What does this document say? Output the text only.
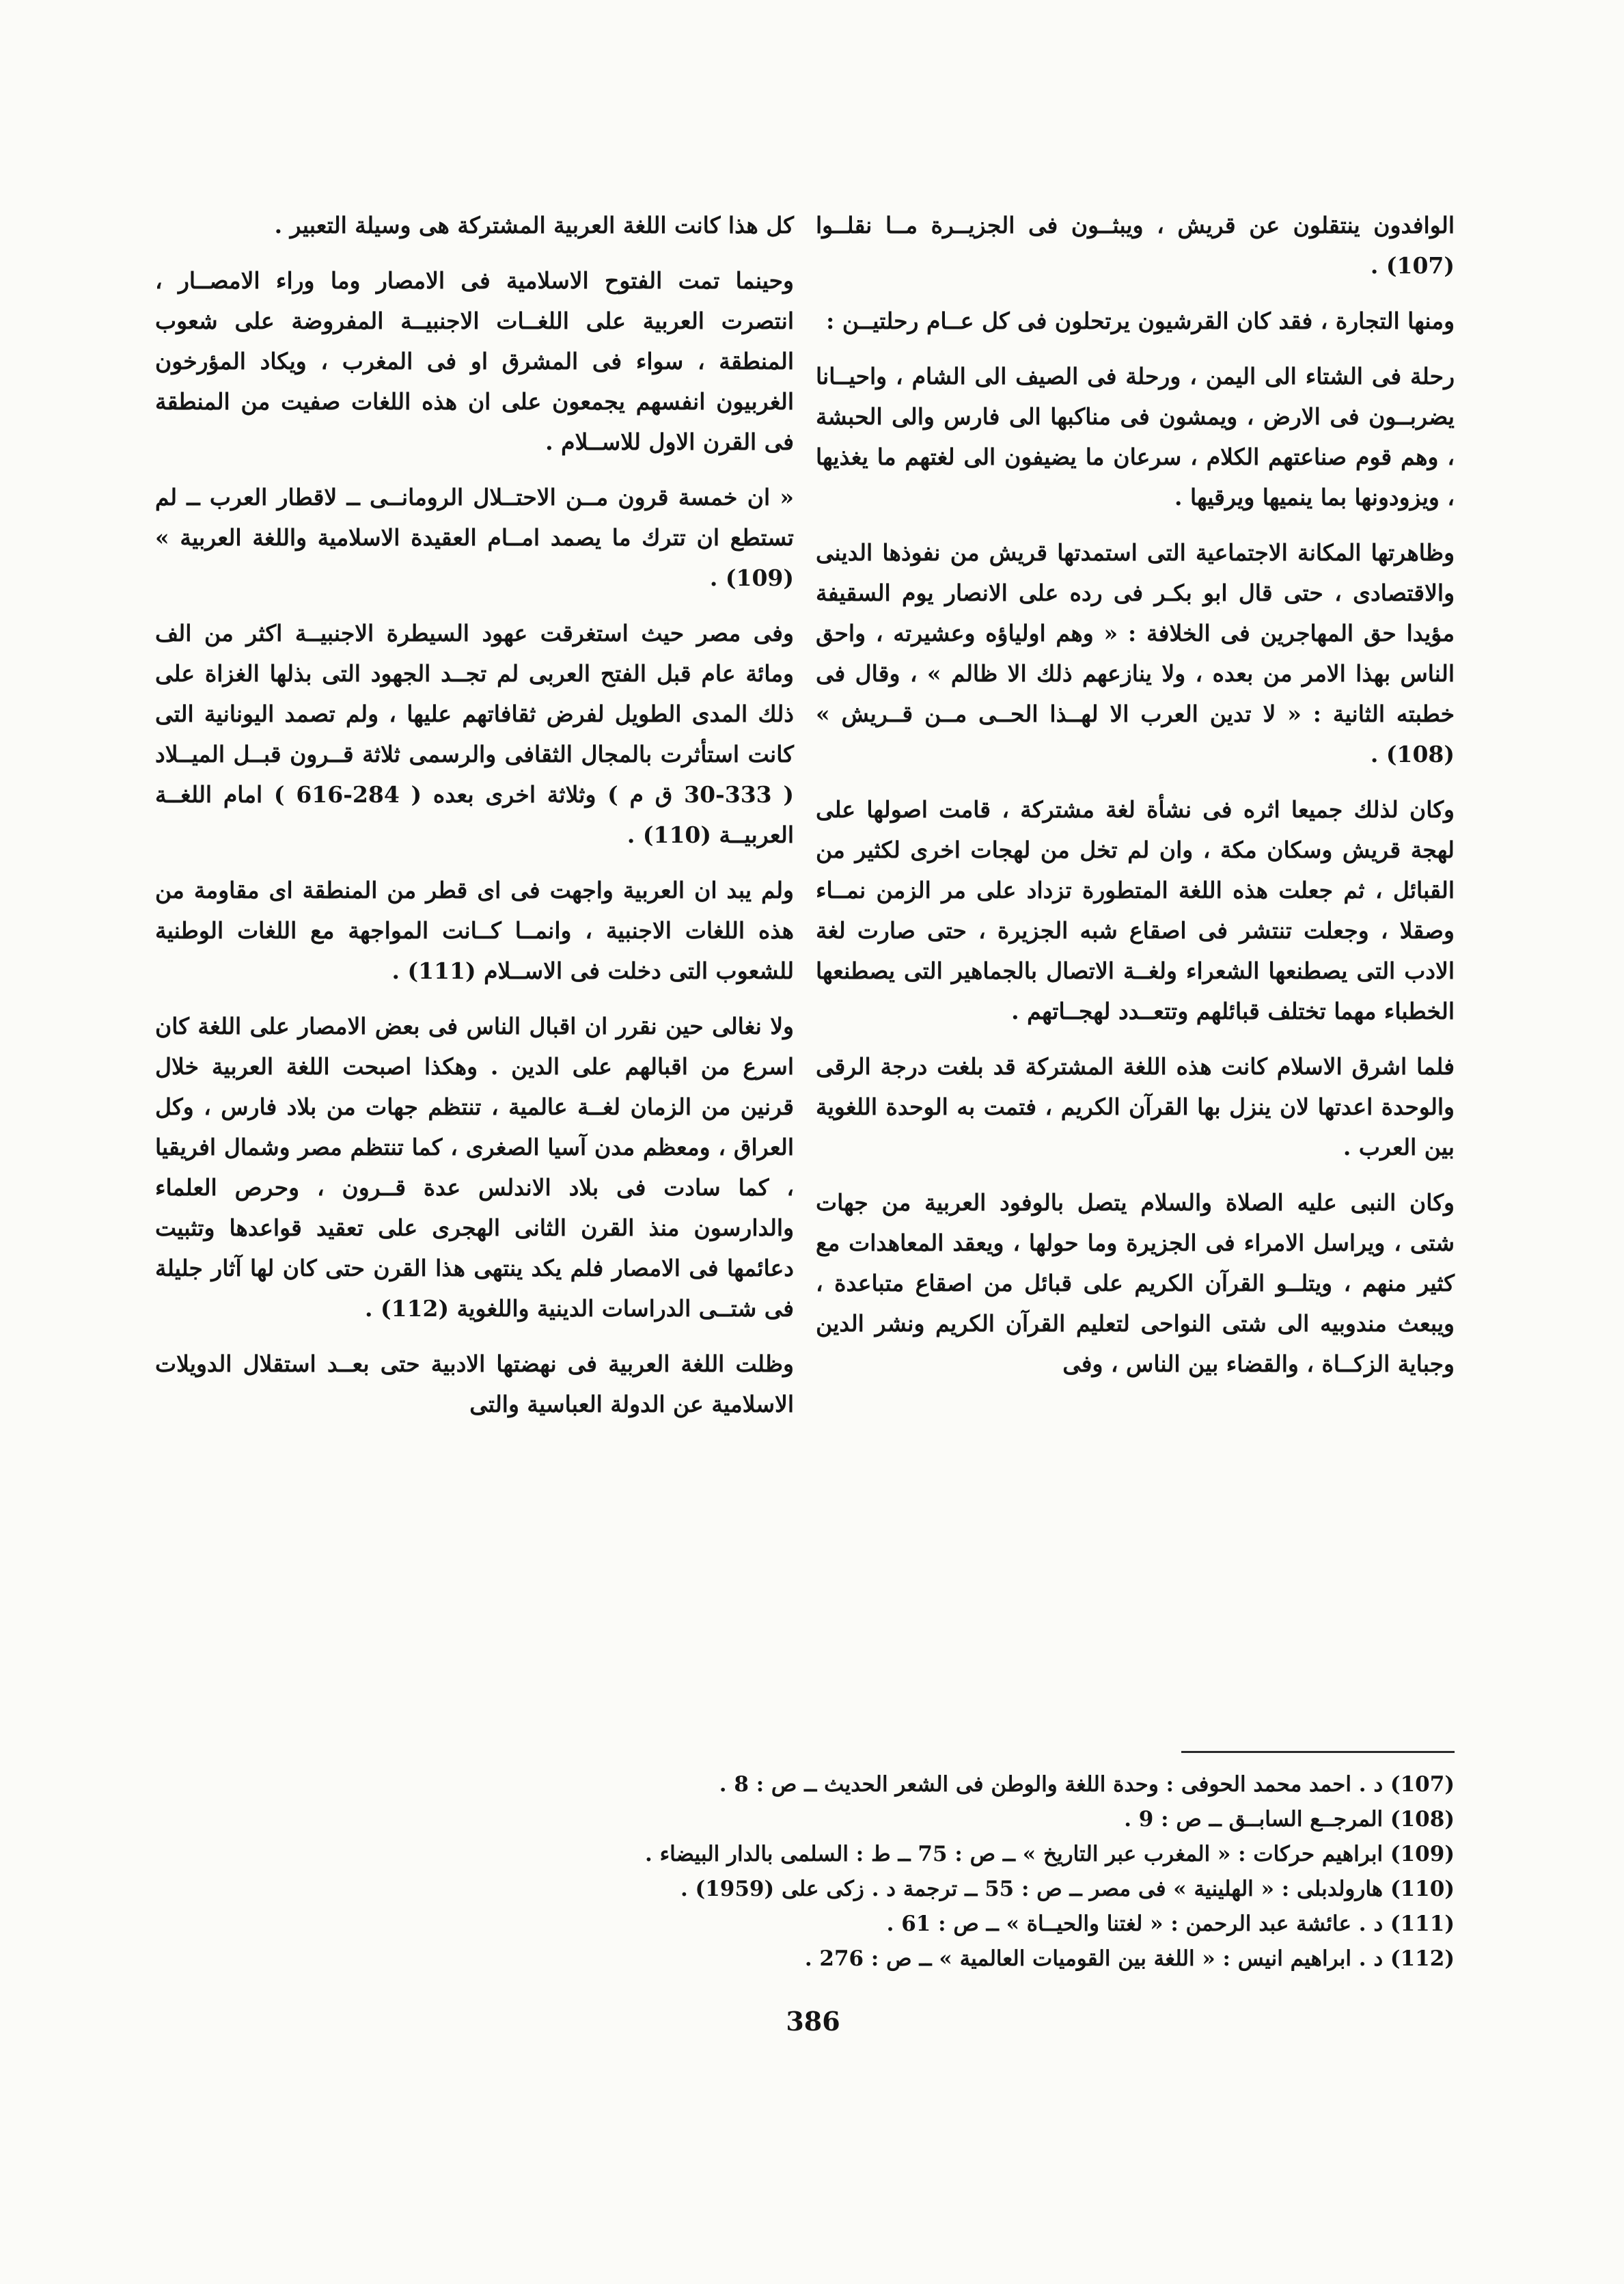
الوافدون ينتقلون عن قريش ، ويبثــون فى الجزيــرة مــا نقلــوا (107) .

ومنها التجارة ، فقد كان القرشيون يرتحلون فى كل عــام رحلتيــن :

رحلة فى الشتاء الى اليمن ، ورحلة فى الصيف الى الشام ، واحيــانا يضربــون فى الارض ، ويمشون فى مناكبها الى فارس والى الحبشة ، وهم قوم صناعتهم الكلام ، سرعان ما يضيفون الى لغتهم ما يغذيها ، ويزودونها بما ينميها ويرقيها .

وظاهرتها المكانة الاجتماعية التى استمدتها قريش من نفوذها الدينى والاقتصادى ، حتى قال ابو بكـر فى رده على الانصار يوم السقيفة مؤيدا حق المهاجرين فى الخلافة : « وهم اولياؤه وعشيرته ، واحق الناس بهذا الامر من بعده ، ولا ينازعهم ذلك الا ظالم » ، وقال فى خطبته الثانية : « لا تدين العرب الا لهــذا الحــى مــن قــريش » (108) .

وكان لذلك جميعا اثره فى نشأة لغة مشتركة ، قامت اصولها على لهجة قريش وسكان مكة ، وان لم تخل من لهجات اخرى لكثير من القبائل ، ثم جعلت هذه اللغة المتطورة تزداد على مر الزمن نمــاء وصقلا ، وجعلت تنتشر فى اصقاع شبه الجزيرة ، حتى صارت لغة الادب التى يصطنعها الشعراء ولغــة الاتصال بالجماهير التى يصطنعها الخطباء مهما تختلف قبائلهم وتتعــدد لهجــاتهم .

فلما اشرق الاسلام كانت هذه اللغة المشتركة قد بلغت درجة الرقى والوحدة اعدتها لان ينزل بها القرآن الكريم ، فتمت به الوحدة اللغوية بين العرب .

وكان النبى عليه الصلاة والسلام يتصل بالوفود العربية من جهات شتى ، ويراسل الامراء فى الجزيرة وما حولها ، ويعقد المعاهدات مع كثير منهم ، ويتلــو القرآن الكريم على قبائل من اصقاع متباعدة ، ويبعث مندوبيه الى شتى النواحى لتعليم القرآن الكريم ونشر الدين وجباية الزكــاة ، والقضاء بين الناس ، وفى

كل هذا كانت اللغة العربية المشتركة هى وسيلة التعبير .

وحينما تمت الفتوح الاسلامية فى الامصار وما وراء الامصــار ، انتصرت العربية على اللغــات الاجنبيــة المفروضة على شعوب المنطقة ، سواء فى المشرق او فى المغرب ، ويكاد المؤرخون الغربيون انفسهم يجمعون على ان هذه اللغات صفيت من المنطقة فى القرن الاول للاســلام .

« ان خمسة قرون مــن الاحتــلال الرومانــى ــ لاقطار العرب ــ لم تستطع ان تترك ما يصمد امــام العقيدة الاسلامية واللغة العربية » (109) .

وفى مصر حيث استغرقت عهود السيطرة الاجنبيــة اكثر من الف ومائة عام قبل الفتح العربى لم تجــد الجهود التى بذلها الغزاة على ذلك المدى الطويل لفرض ثقافاتهم عليها ، ولم تصمد اليونانية التى كانت استأثرت بالمجال الثقافى والرسمى ثلاثة قــرون قبــل الميــلاد ( 333-30 ق م ) وثلاثة اخرى بعده ( 284-616 ) امام اللغــة العربيــة (110) .

ولم يبد ان العربية واجهت فى اى قطر من المنطقة اى مقاومة من هذه اللغات الاجنبية ، وانمــا كــانت المواجهة مع اللغات الوطنية للشعوب التى دخلت فى الاســلام (111) .

ولا نغالى حين نقرر ان اقبال الناس فى بعض الامصار على اللغة كان اسرع من اقبالهم على الدين . وهكذا اصبحت اللغة العربية خلال قرنين من الزمان لغــة عالمية ، تنتظم جهات من بلاد فارس ، وكل العراق ، ومعظم مدن آسيا الصغرى ، كما تنتظم مصر وشمال افريقيا ، كما سادت فى بلاد الاندلس عدة قــرون ، وحرص العلماء والدارسون منذ القرن الثانى الهجرى على تعقيد قواعدها وتثبيت دعائمها فى الامصار فلم يكد ينتهى هذا القرن حتى كان لها آثار جليلة فى شتــى الدراسات الدينية واللغوية (112) .

وظلت اللغة العربية فى نهضتها الادبية حتى بعــد استقلال الدويلات الاسلامية عن الدولة العباسية والتى

(107) د . احمد محمد الحوفى : وحدة اللغة والوطن فى الشعر الحديث ــ ص : 8 .
(108) المرجــع السابــق ــ ص : 9 .
(109) ابراهيم حركات : « المغرب عبر التاريخ » ــ ص : 75 ــ ط : السلمى بالدار البيضاء .
(110) هارولدبلى : « الهلينية » فى مصر ــ ص : 55 ــ ترجمة د . زكى على (1959) .
(111) د . عائشة عبد الرحمن : « لغتنا والحيــاة » ــ ص : 61 .
(112) د . ابراهيم انيس : « اللغة بين القوميات العالمية » ــ ص : 276 .
386
